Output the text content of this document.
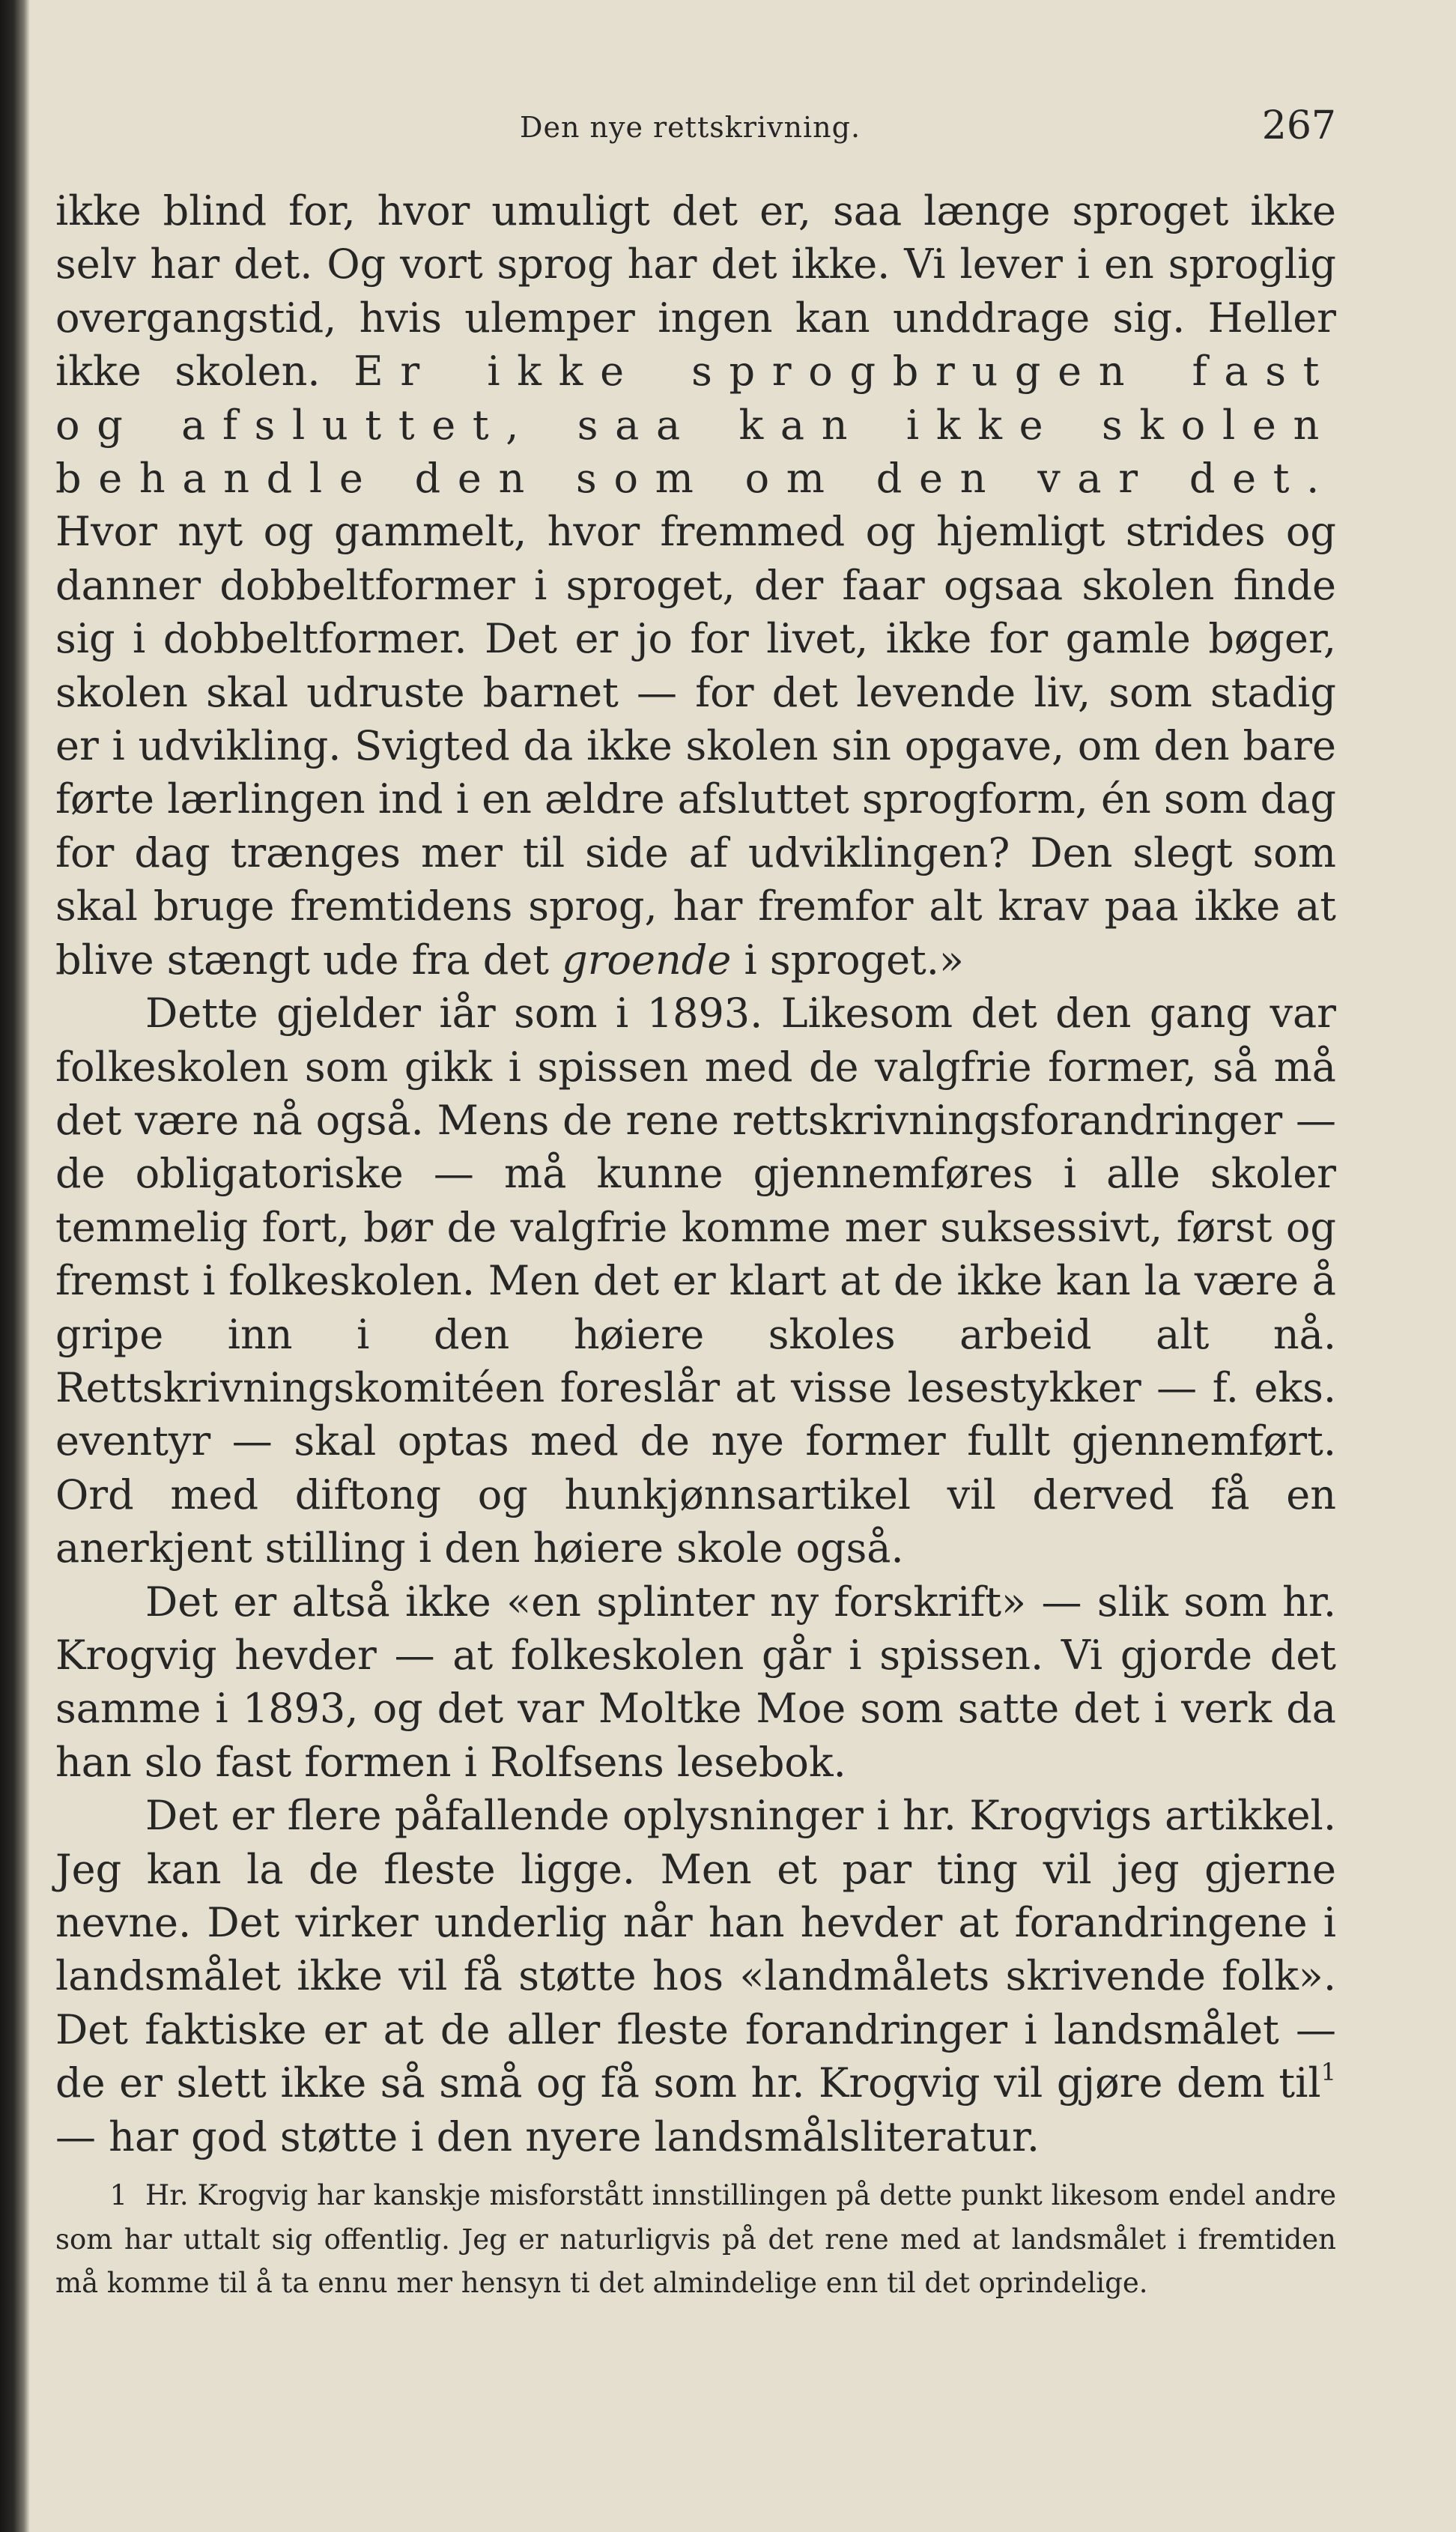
Den nye rettskrivning.	267

ikke blind for, hvor umuligt det er, saa længe sproget ikke selv har det. Og vort sprog har det ikke. Vi lever i en sproglig overgangstid, hvis ulemper ingen kan unddrage sig. Heller ikke skolen. Er ikke sprogbrugen fast og afsluttet, saa kan ikke skolen behandle den som om den var det. Hvor nyt og gammelt, hvor fremmed og hjemligt strides og danner dobbeltformer i sproget, der faar ogsaa skolen finde sig i dobbeltformer. Det er jo for livet, ikke for gamle bøger, skolen skal udruste barnet — for det levende liv, som stadig er i udvikling. Svigted da ikke skolen sin opgave, om den bare førte lærlingen ind i en ældre afsluttet sprogform, én som dag for dag trænges mer til side af udviklingen? Den slegt som skal bruge fremtidens sprog, har fremfor alt krav paa ikke at blive stængt ude fra det groende i sproget.»

Dette gjelder iår som i 1893. Likesom det den gang var folkeskolen som gikk i spissen med de valgfrie former, så må det være nå også. Mens de rene rettskrivningsforandringer — de obligatoriske — må kunne gjennemføres i alle skoler temmelig fort, bør de valgfrie komme mer suksessivt, først og fremst i folkeskolen. Men det er klart at de ikke kan la være å gripe inn i den høiere skoles arbeid alt nå. Rettskrivningskomitéen foreslår at visse lesestykker — f. eks. eventyr — skal optas med de nye former fullt gjennemført. Ord med diftong og hunkjønnsartikel vil derved få en anerkjent stilling i den høiere skole også.

Det er altså ikke «en splinter ny forskrift» — slik som hr. Krogvig hevder — at folkeskolen går i spissen. Vi gjorde det samme i 1893, og det var Moltke Moe som satte det i verk da han slo fast formen i Rolfsens lesebok.

Det er flere påfallende oplysninger i hr. Krogvigs artikkel. Jeg kan la de fleste ligge. Men et par ting vil jeg gjerne nevne. Det virker underlig når han hevder at forandringene i landsmålet ikke vil få støtte hos «landmålets skrivende folk». Det faktiske er at de aller fleste forandringer i landsmålet — de er slett ikke så små og få som hr. Krogvig vil gjøre dem til$^1$ — har god støtte i den nyere landsmålsliteratur.

1 Hr. Krogvig har kanskje misforstått innstillingen på dette punkt likesom endel andre som har uttalt sig offentlig. Jeg er naturligvis på det rene med at landsmålet i fremtiden må komme til å ta ennu mer hensyn ti det almindelige enn til det oprindelige.
